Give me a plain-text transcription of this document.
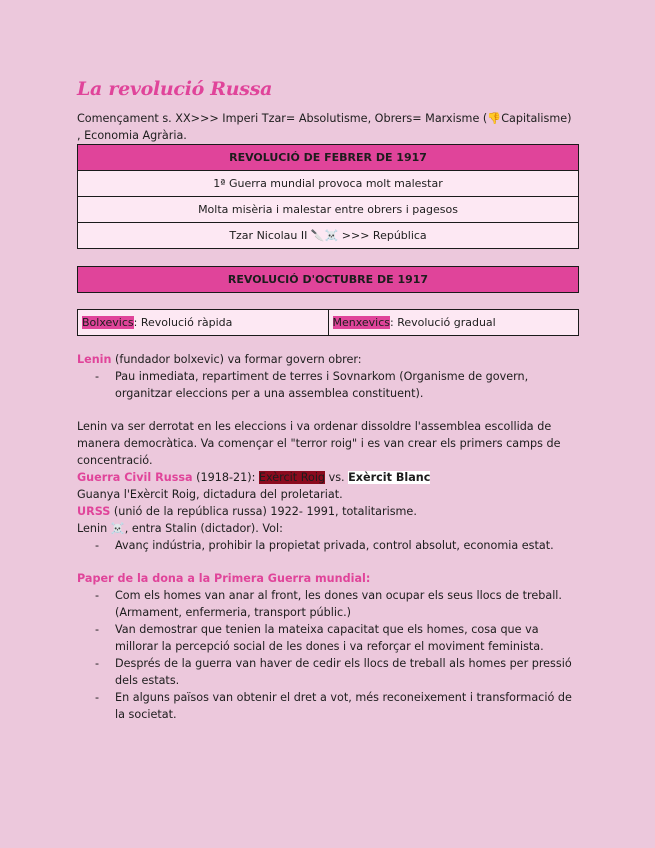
La revolució Russa
Començament s. XX>>> Imperi Tzar= Absolutisme, Obrers= Marxisme (👎Capitalisme)
, Economia Agrària.
REVOLUCIÓ DE FEBRER DE 1917
1ª Guerra mundial provoca molt malestar
Molta misèria i malestar entre obrers i pagesos
Tzar Nicolau II 🔪☠️ >>> República
REVOLUCIÓ D'OCTUBRE DE 1917
Bolxevics: Revolució ràpida	Menxevics: Revolució gradual
Lenin (fundador bolxevic) va formar govern obrer:
- Pau inmediata, repartiment de terres i Sovnarkom (Organisme de govern, organitzar eleccions per a una assemblea constituent).
Lenin va ser derrotat en les eleccions i va ordenar dissoldre l'assemblea escollida de manera democràtica. Va començar el "terror roig" i es van crear els primers camps de concentració.
Guerra Civil Russa (1918-21): Exèrcit Roig vs. Exèrcit Blanc
Guanya l'Exèrcit Roig, dictadura del proletariat.
URSS (unió de la república russa) 1922- 1991, totalitarisme.
Lenin ☠️, entra Stalin (dictador). Vol:
- Avanç indústria, prohibir la propietat privada, control absolut, economia estat.
Paper de la dona a la Primera Guerra mundial:
- Com els homes van anar al front, les dones van ocupar els seus llocs de treball. (Armament, enfermeria, transport públic.)
- Van demostrar que tenien la mateixa capacitat que els homes, cosa que va millorar la percepció social de les dones i va reforçar el moviment feminista.
- Després de la guerra van haver de cedir els llocs de treball als homes per pressió dels estats.
- En alguns països van obtenir el dret a vot, més reconeixement i transformació de la societat.
